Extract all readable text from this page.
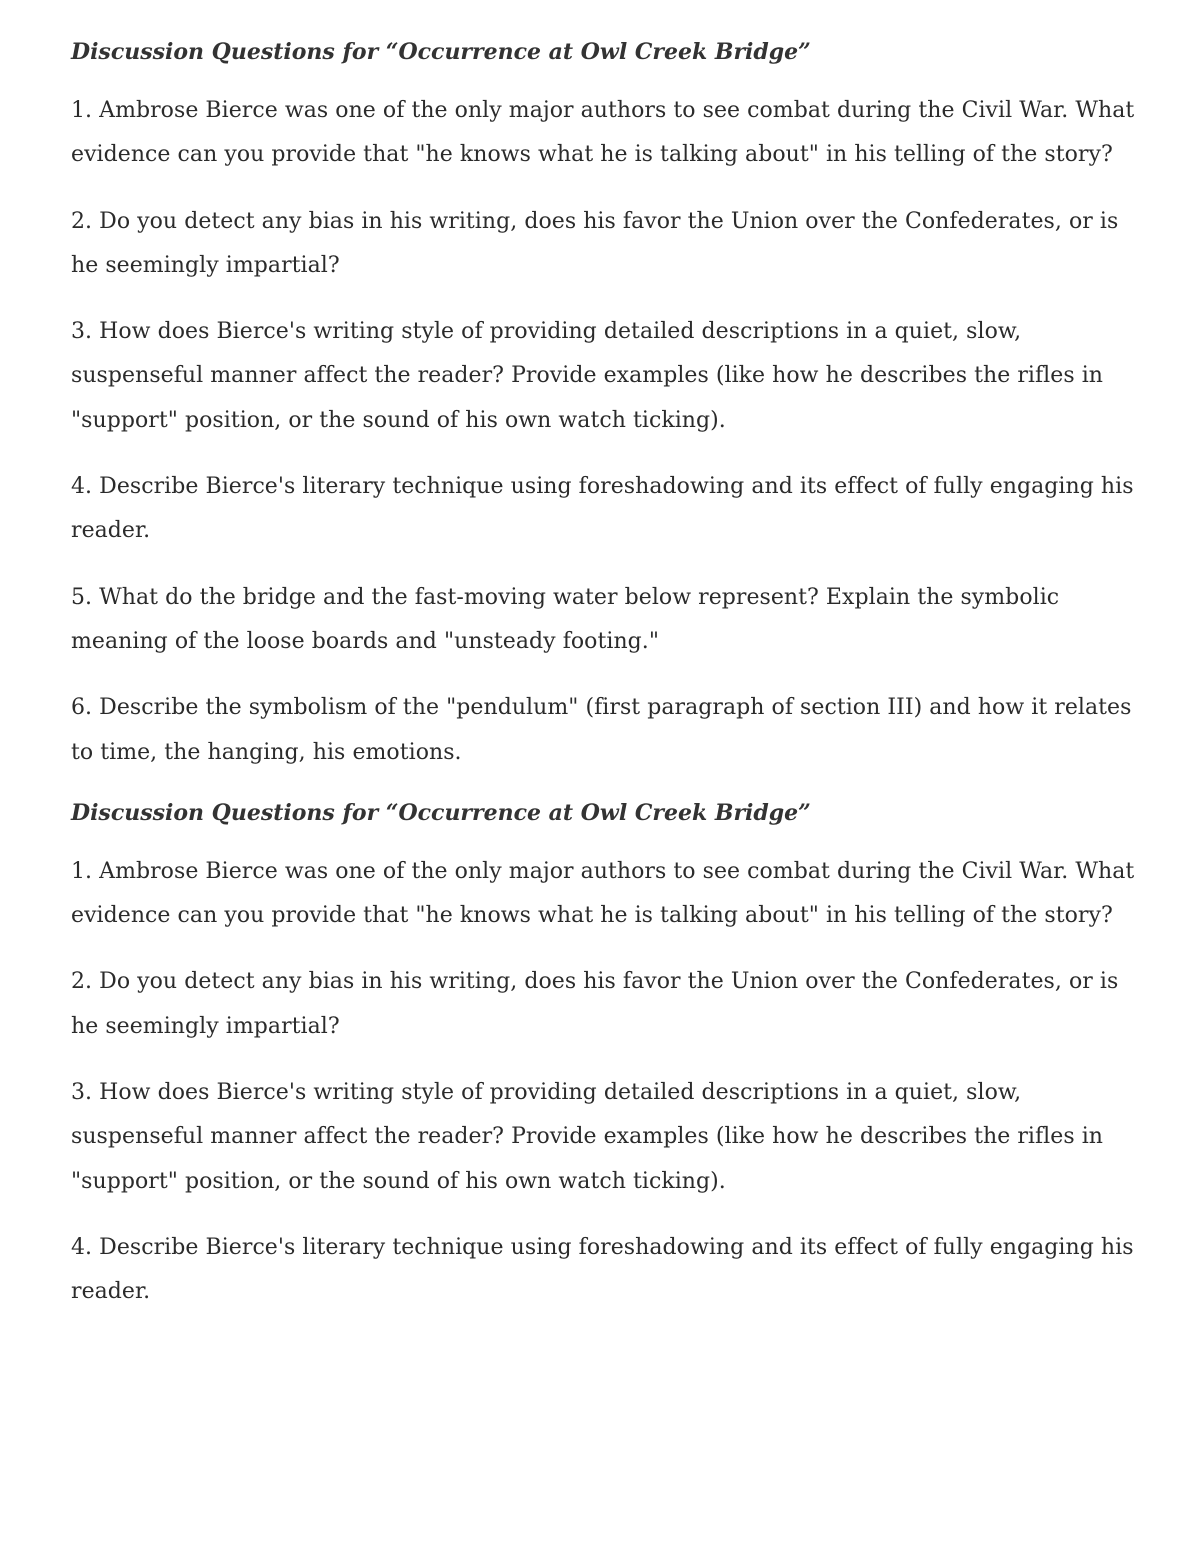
Discussion Questions for “Occurrence at Owl Creek Bridge”

1. Ambrose Bierce was one of the only major authors to see combat during the Civil War. What evidence can you provide that "he knows what he is talking about" in his telling of the story?

2. Do you detect any bias in his writing, does his favor the Union over the Confederates, or is he seemingly impartial?

3. How does Bierce's writing style of providing detailed descriptions in a quiet, slow, suspenseful manner affect the reader? Provide examples (like how he describes the rifles in "support" position, or the sound of his own watch ticking).

4. Describe Bierce's literary technique using foreshadowing and its effect of fully engaging his reader.

5. What do the bridge and the fast-moving water below represent? Explain the symbolic meaning of the loose boards and "unsteady footing."

6. Describe the symbolism of the "pendulum" (first paragraph of section III) and how it relates to time, the hanging, his emotions.

Discussion Questions for “Occurrence at Owl Creek Bridge”

1. Ambrose Bierce was one of the only major authors to see combat during the Civil War. What evidence can you provide that "he knows what he is talking about" in his telling of the story?

2. Do you detect any bias in his writing, does his favor the Union over the Confederates, or is he seemingly impartial?

3. How does Bierce's writing style of providing detailed descriptions in a quiet, slow, suspenseful manner affect the reader? Provide examples (like how he describes the rifles in "support" position, or the sound of his own watch ticking).

4. Describe Bierce's literary technique using foreshadowing and its effect of fully engaging his reader.
